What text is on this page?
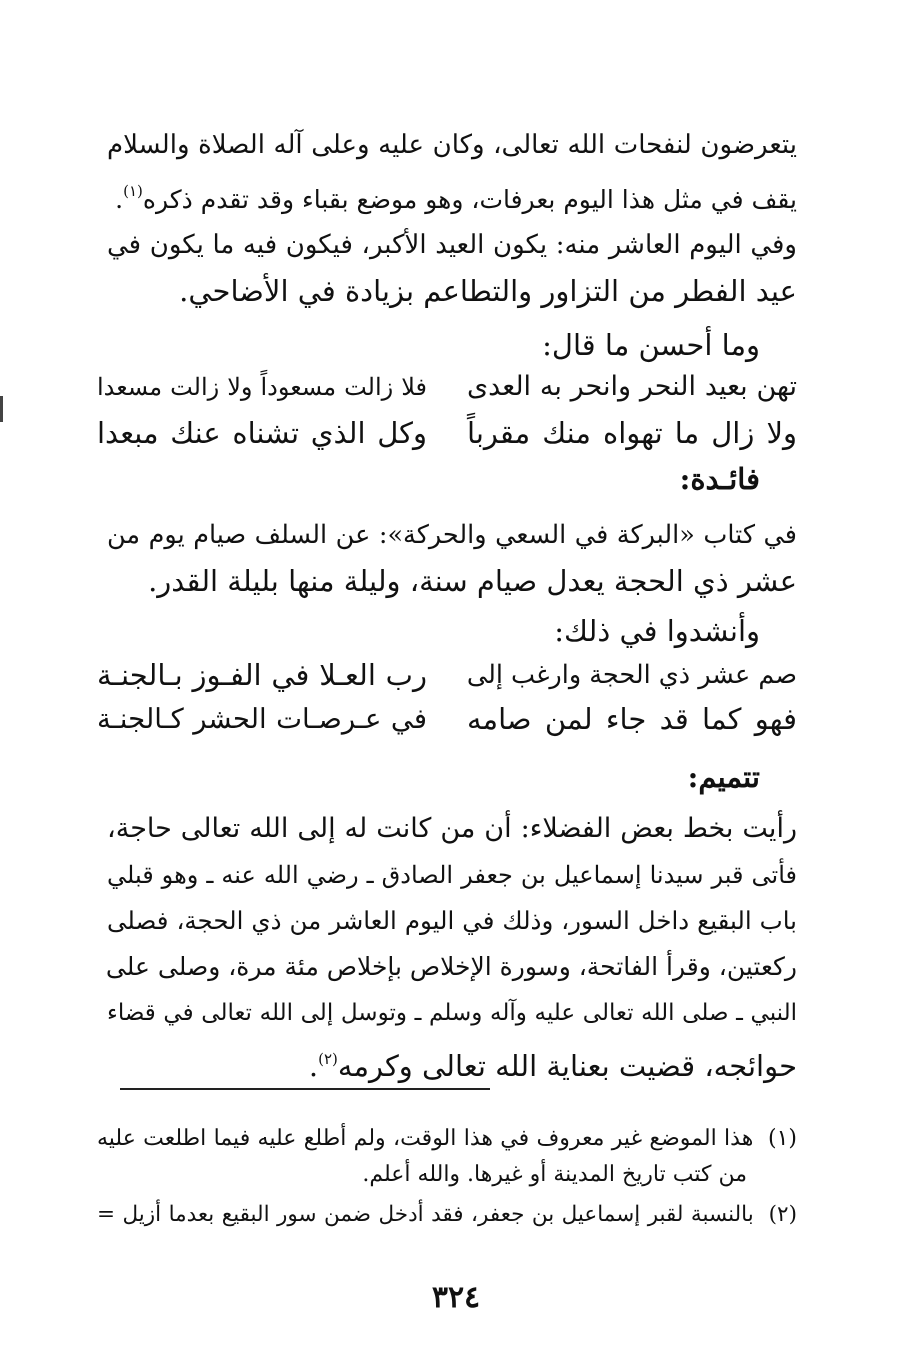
يتعرضون لنفحات الله تعالى، وكان عليه وعلى آله الصلاة والسلام

يقف في مثل هذا اليوم بعرفات، وهو موضع بقباء وقد تقدم ذكره$^{(١)}$.

وفي اليوم العاشر منه: يكون العيد الأكبر، فيكون فيه ما يكون في

عيد الفطر من التزاور والتطاعم بزيادة في الأضاحي.

وما أحسن ما قال:

تهن بعيد النحر وانحر به العدى
فلا زالت مسعوداً ولا زالت مسعدا
ولا زال ما تهواه منك مقرباً
وكل الذي تشناه عنك مبعدا

فائـدة:

في كتاب «البركة في السعي والحركة»: عن السلف صيام يوم من

عشر ذي الحجة يعدل صيام سنة، وليلة منها بليلة القدر.

وأنشدوا في ذلك:

صم عشر ذي الحجة وارغب إلى
رب العـلا في الفـوز بـالجنـة
فهو كما قد جاء لمن صامه
في عـرصـات الحشر كـالجنـة

تتميم:

رأيت بخط بعض الفضلاء: أن من كانت له إلى الله تعالى حاجة،

فأتى قبر سيدنا إسماعيل بن جعفر الصادق ـ رضي الله عنه ـ وهو قبلي

باب البقيع داخل السور، وذلك في اليوم العاشر من ذي الحجة، فصلى

ركعتين، وقرأ الفاتحة، وسورة الإخلاص بإخلاص مئة مرة، وصلى على

النبي ـ صلى الله تعالى عليه وآله وسلم ـ وتوسل إلى الله تعالى في قضاء

حوائجه، قضيت بعناية الله تعالى وكرمه$^{(٢)}$.

(١)  هذا الموضع غير معروف في هذا الوقت، ولم أطلع عليه فيما اطلعت عليه

من كتب تاريخ المدينة أو غيرها. والله أعلم.

(٢)  بالنسبة لقبر إسماعيل بن جعفر، فقد أدخل ضمن سور البقيع بعدما أزيل =

٣٢٤
